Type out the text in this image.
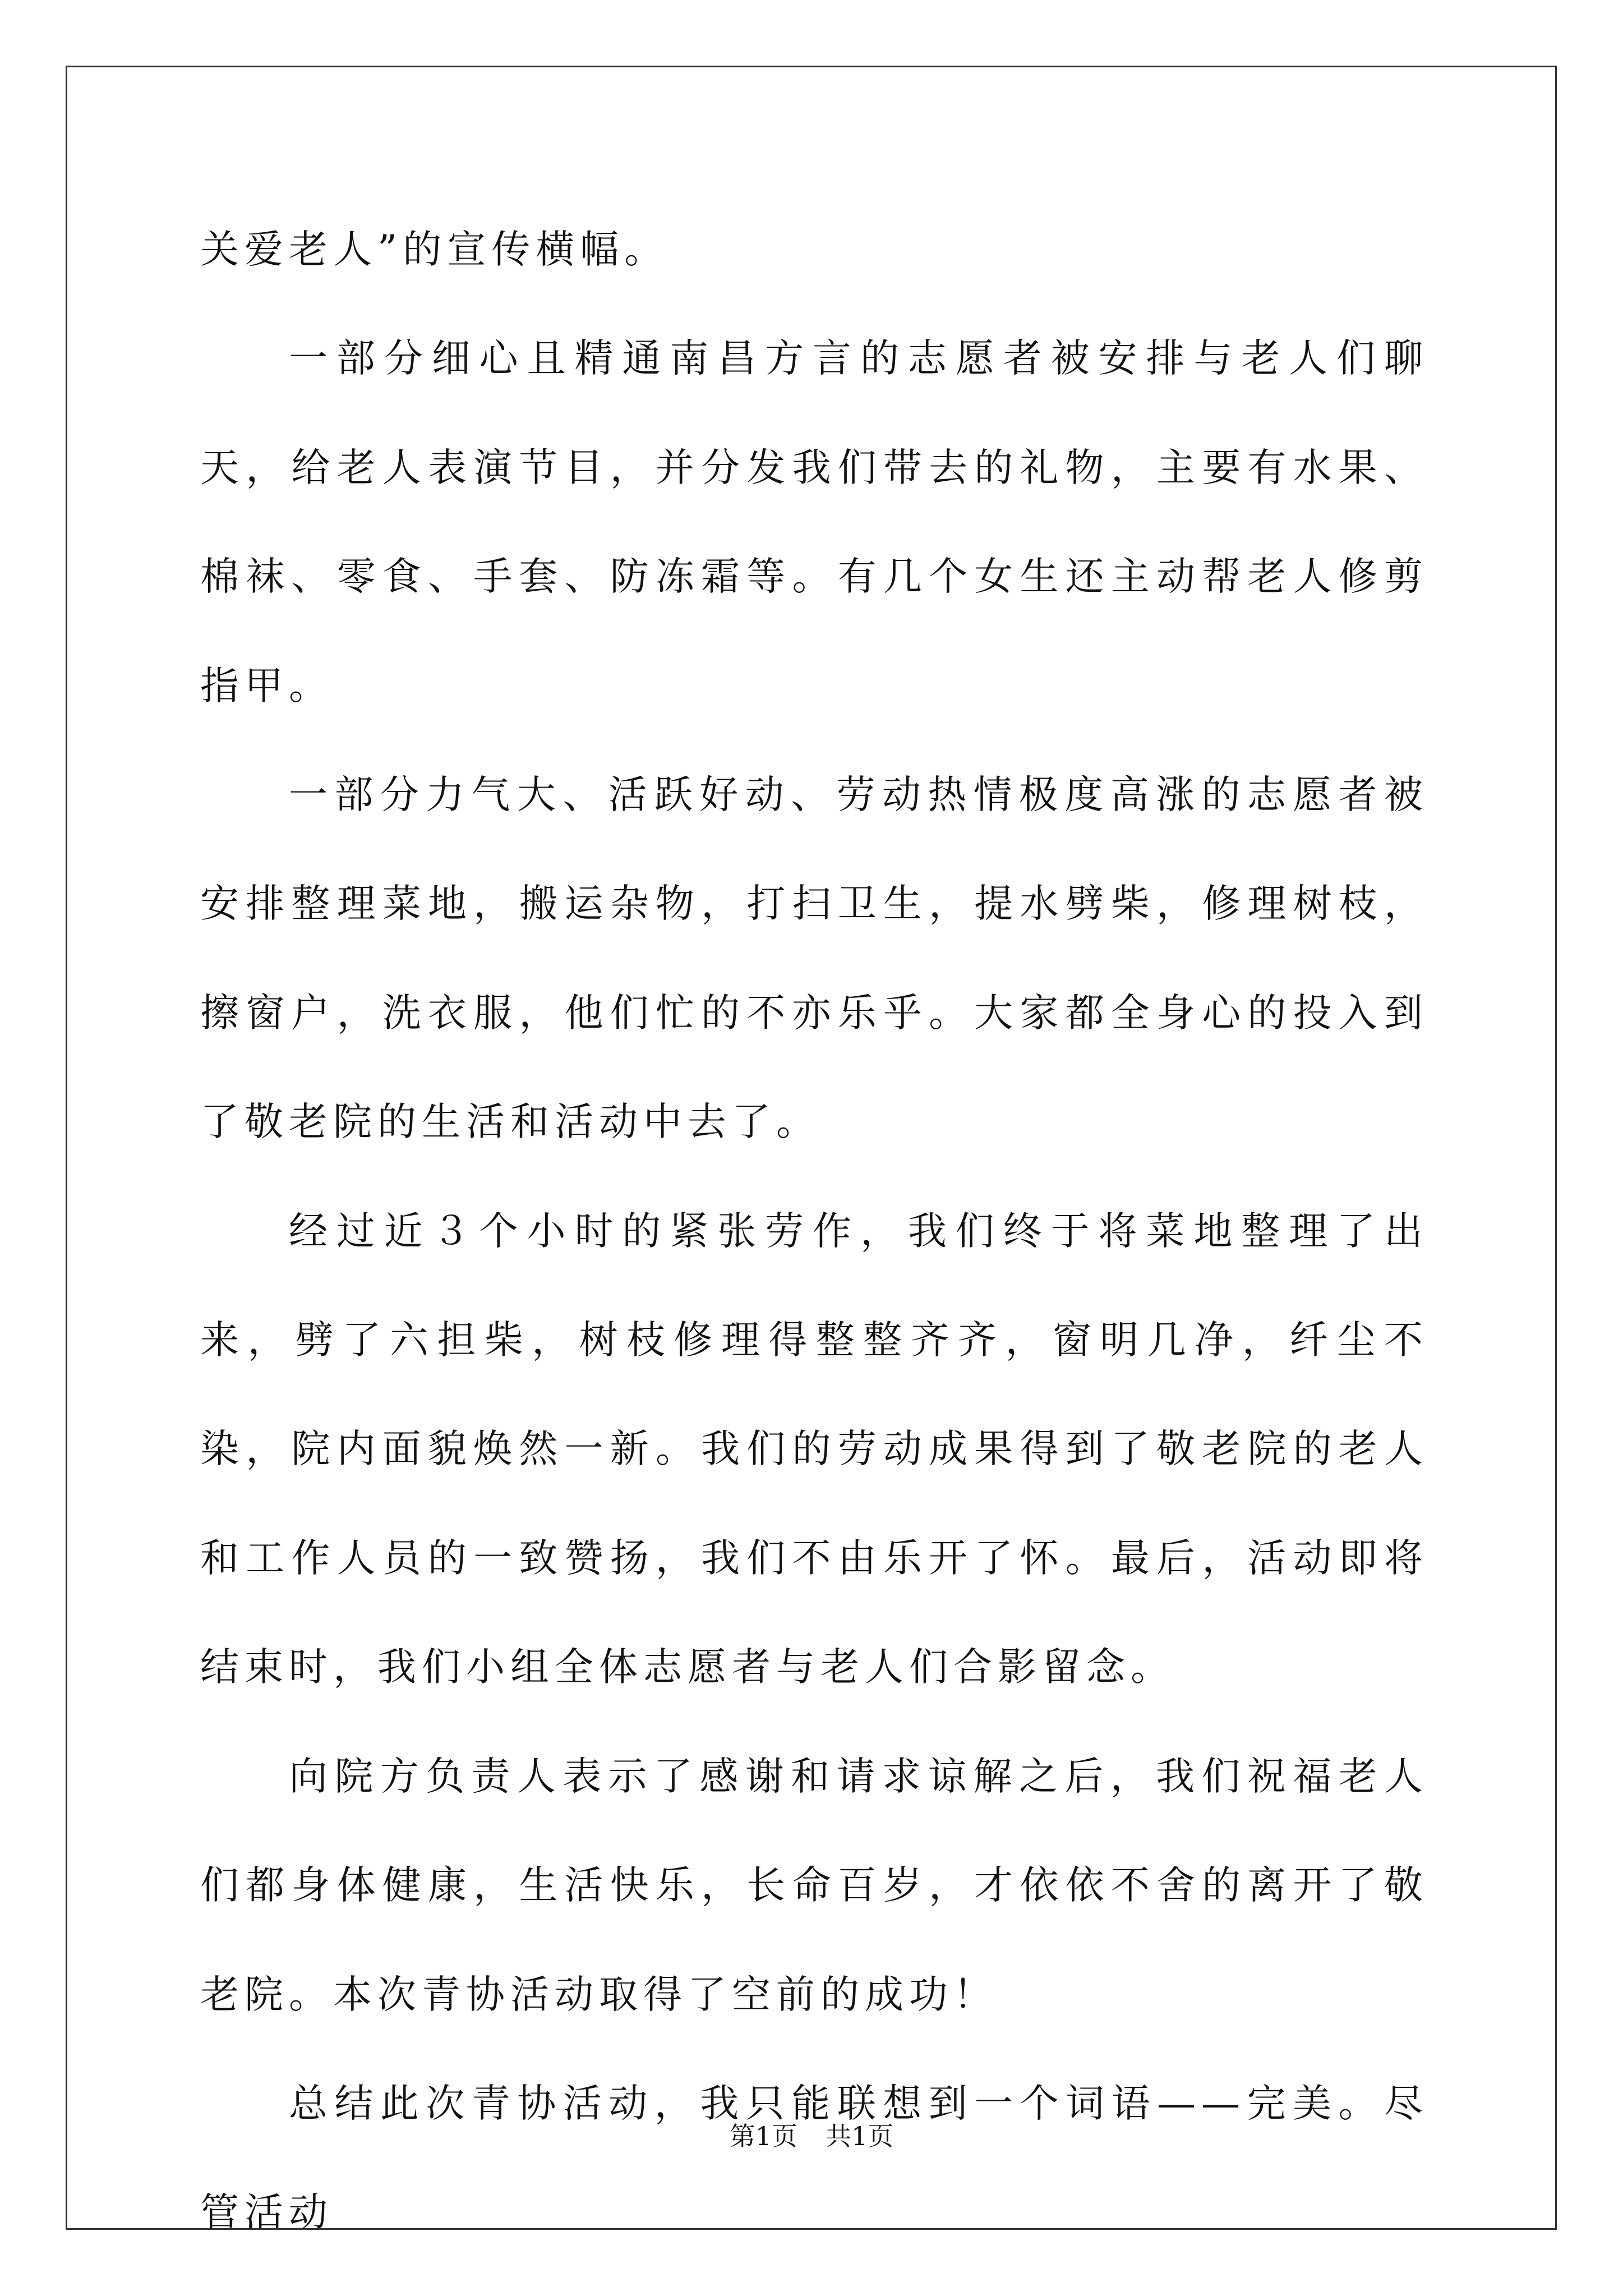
关爱老人”的宣传横幅。

一部分细心且精通南昌方言的志愿者被安排与老人们聊天，给老人表演节目，并分发我们带去的礼物，主要有水果、棉袜、零食、手套、防冻霜等。有几个女生还主动帮老人修剪指甲。

一部分力气大、活跃好动、劳动热情极度高涨的志愿者被安排整理菜地，搬运杂物，打扫卫生，提水劈柴，修理树枝，擦窗户，洗衣服，他们忙的不亦乐乎。大家都全身心的投入到了敬老院的生活和活动中去了。

经过近３个小时的紧张劳作，我们终于将菜地整理了出来，劈了六担柴，树枝修理得整整齐齐，窗明几净，纤尘不染，院内面貌焕然一新。我们的劳动成果得到了敬老院的老人和工作人员的一致赞扬，我们不由乐开了怀。最后，活动即将结束时，我们小组全体志愿者与老人们合影留念。

向院方负责人表示了感谢和请求谅解之后，我们祝福老人们都身体健康，生活快乐，长命百岁，才依依不舍的离开了敬老院。本次青协活动取得了空前的成功！

总结此次青协活动，我只能联想到一个词语——完美。尽管活动

第1页 共1页
